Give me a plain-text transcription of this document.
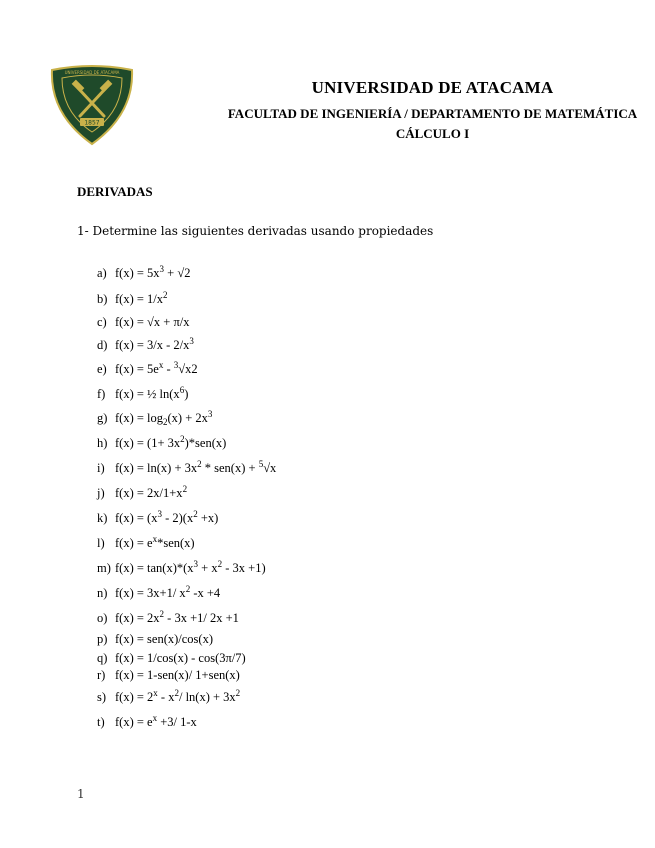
1857
UNIVERSIDAD DE ATACAMA
UNIVERSIDAD DE ATACAMA
FACULTAD DE INGENIERÍA / DEPARTAMENTO DE MATEMÁTICA
CÁLCULO I
DERIVADAS
1- Determine las siguientes derivadas usando propiedades
a) $f(x) = 5x^3 + √2$
b) $f(x) = 1/x^2$
c) f(x) = √x + π/x
d) $f(x) = 3/x - 2/x^3$
e) $f(x) = 5e^x - ^3√x2$
f) f(x) = ½ $\ln(x^6)$
g) $f(x) = \log_2(x) + 2x^3$
h) $f(x) = (1+ 3x^2)*sen(x)$
i) $f(x) = \ln(x) + 3x^2 * sen(x) + ^5√x$
j) $f(x) = 2x/1+x^2$
k) $f(x) = (x^3 - 2)(x^2 +x)$
l) $f(x) = e^x*sen(x)$
m) $f(x) = \tan(x)*(x^3 + x^2 - 3x +1)$
n) f(x) = 3x+1/ $x^2$ -x +4
o) $f(x) = 2x^2 - 3x +1/$ 2x +1
p) f(x) = sen(x)/cos(x)
q) f(x) = 1/cos(x) - cos(3π/7)
r) f(x) = 1-sen(x)/ 1+sen(x)
s) $f(x) = 2^x - x^2/$ $\ln(x) + 3x^2$
t) $f(x) = e^x +3/$ 1-x
1
